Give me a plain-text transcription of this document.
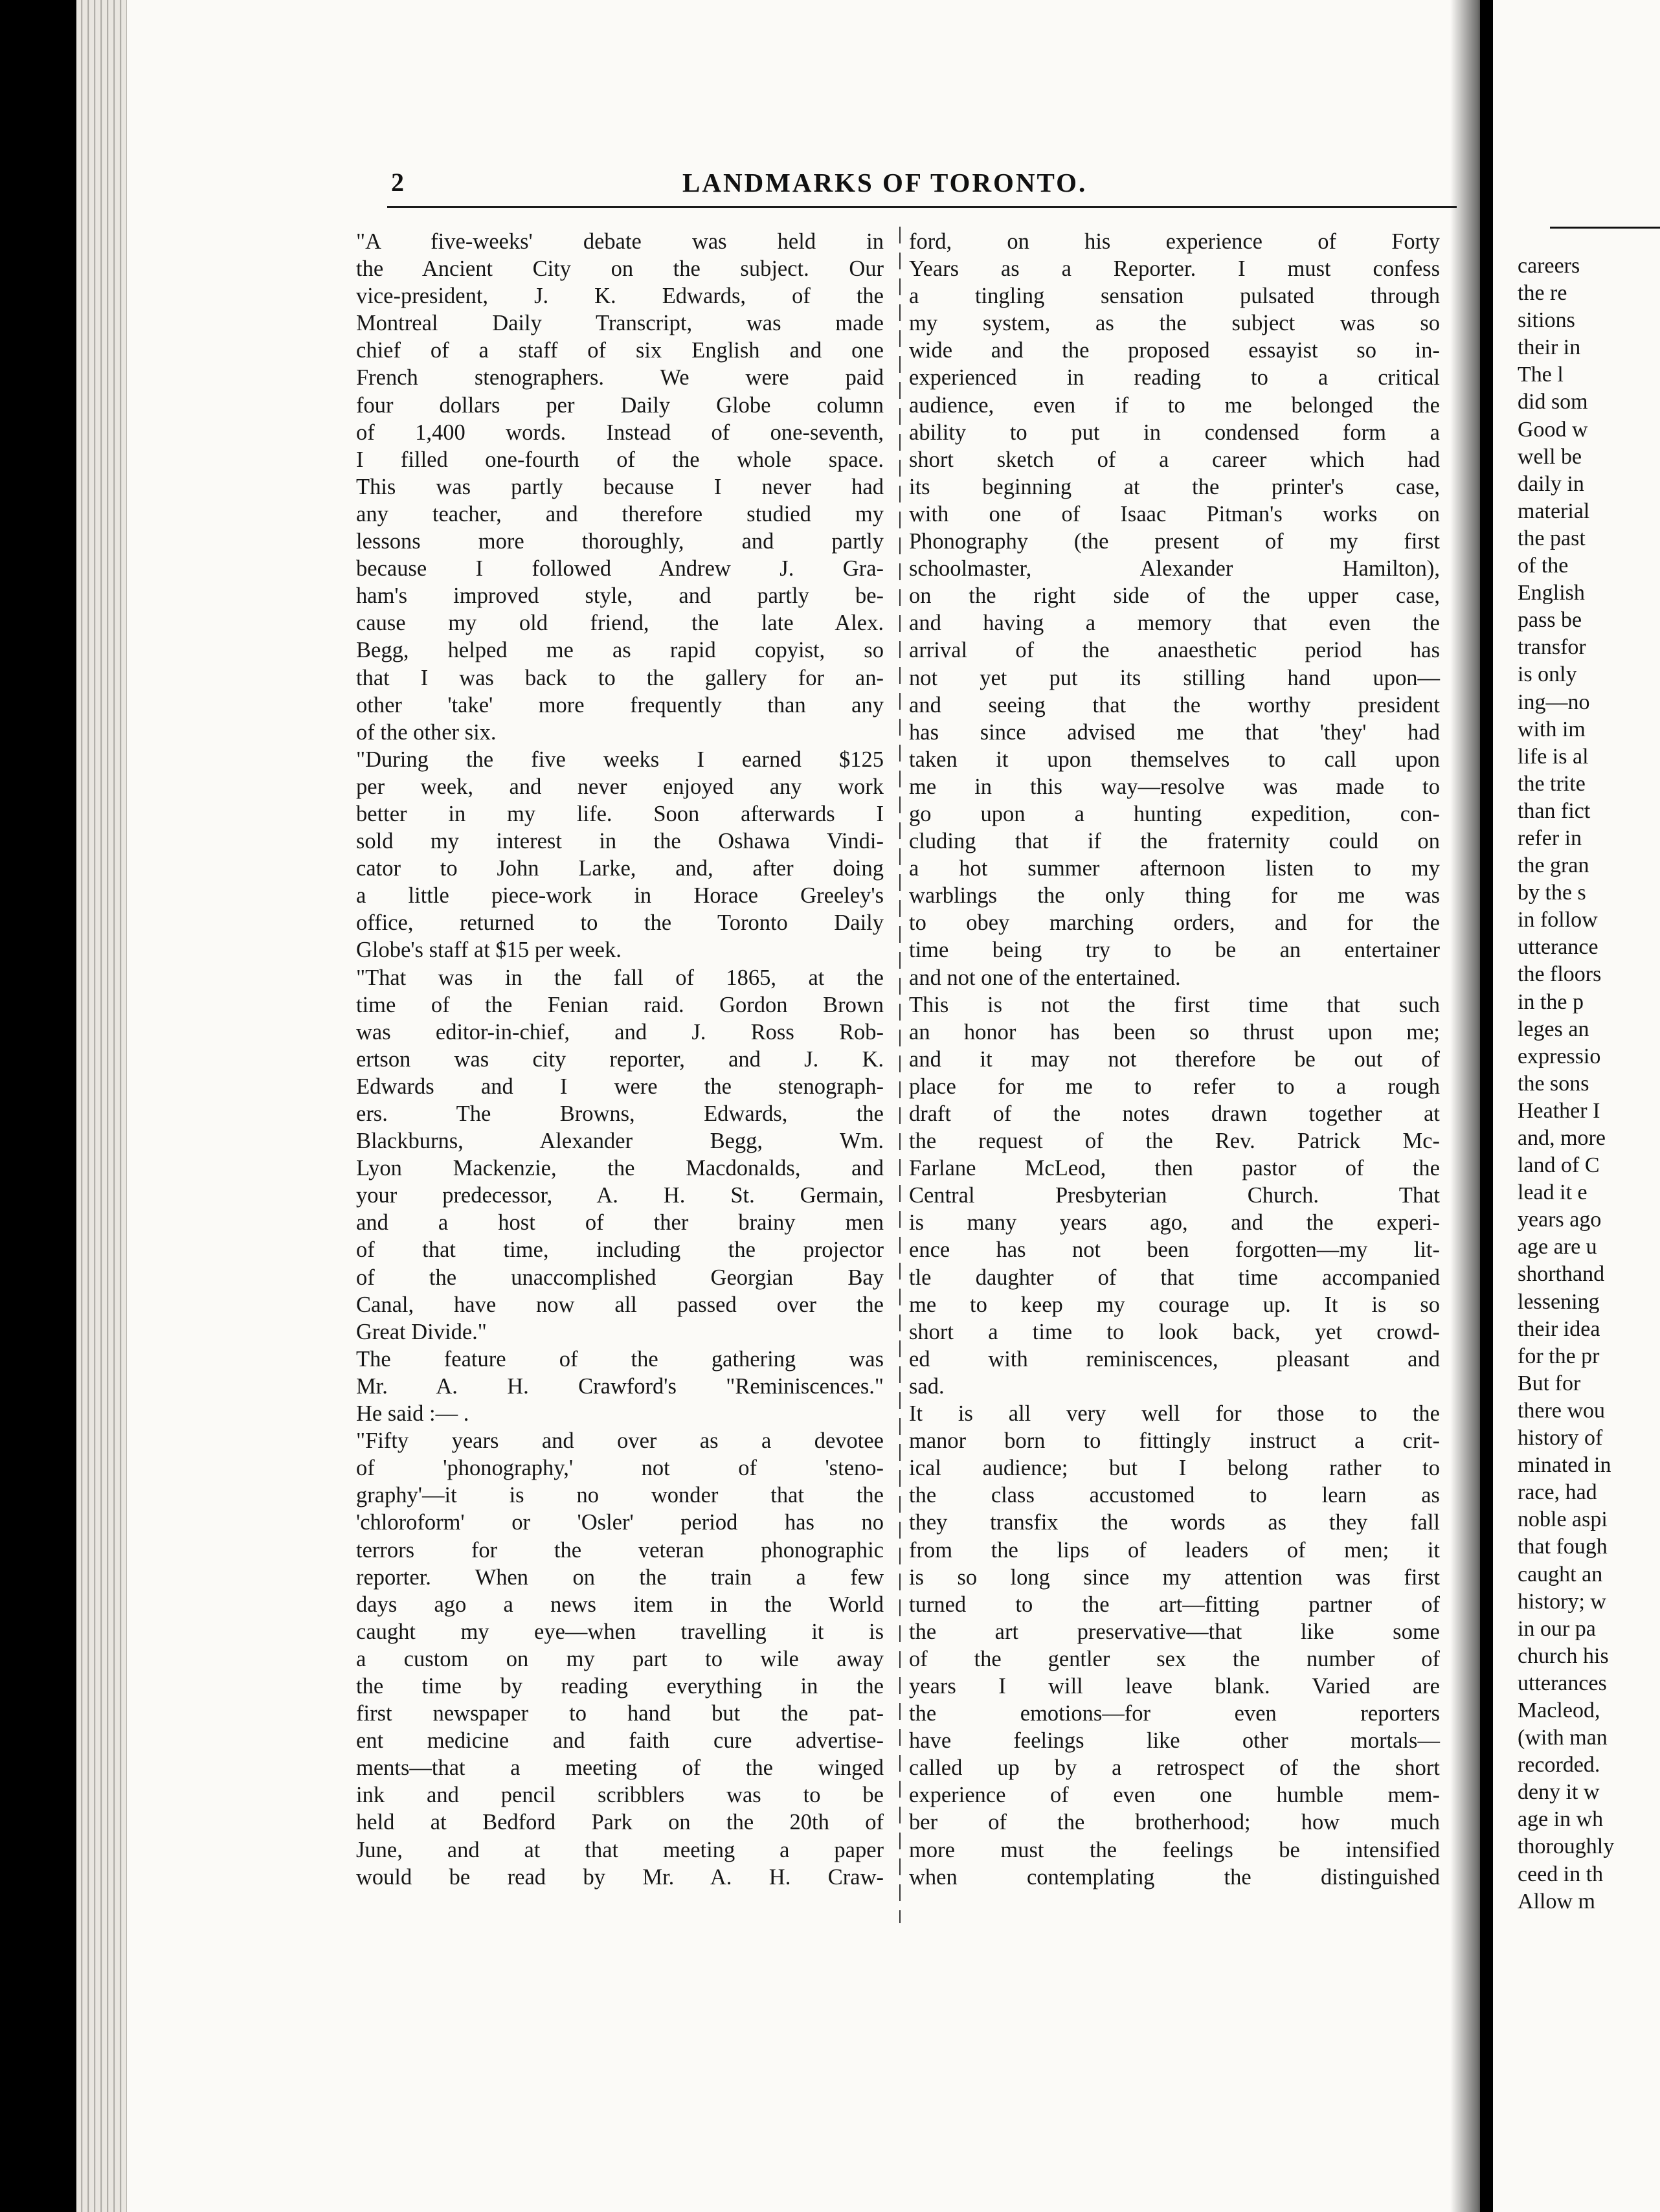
2	LANDMARKS OF TORONTO.
"A five-weeks' debate was held in
the Ancient City on the subject. Our
vice-president, J. K. Edwards, of the
Montreal Daily Transcript, was made
chief of a staff of six English and one
French stenographers. We were paid
four dollars per Daily Globe column
of 1,400 words. Instead of one-seventh,
I filled one-fourth of the whole space.
This was partly because I never had
any teacher, and therefore studied my
lessons more thoroughly, and partly
because I followed Andrew J. Gra-
ham's improved style, and partly be-
cause my old friend, the late Alex.
Begg, helped me as rapid copyist, so
that I was back to the gallery for an-
other 'take' more frequently than any
of the other six.
"During the five weeks I earned $125
per week, and never enjoyed any work
better in my life. Soon afterwards I
sold my interest in the Oshawa Vindi-
cator to John Larke, and, after doing
a little piece-work in Horace Greeley's
office, returned to the Toronto Daily
Globe's staff at $15 per week.
"That was in the fall of 1865, at the
time of the Fenian raid. Gordon Brown
was editor-in-chief, and J. Ross Rob-
ertson was city reporter, and J. K.
Edwards and I were the stenograph-
ers. The Browns, Edwards, the
Blackburns, Alexander Begg, Wm.
Lyon Mackenzie, the Macdonalds, and
your predecessor, A. H. St. Germain,
and a host of ther brainy men
of that time, including the projector
of the unaccomplished Georgian Bay
Canal, have now all passed over the
Great Divide."
The feature of the gathering was
Mr. A. H. Crawford's "Reminiscences."
He said :— .
"Fifty years and over as a devotee
of 'phonography,' not of 'steno-
graphy'—it is no wonder that the
'chloroform' or 'Osler' period has no
terrors for the veteran phonographic
reporter. When on the train a few
days ago a news item in the World
caught my eye—when travelling it is
a custom on my part to wile away
the time by reading everything in the
first newspaper to hand but the pat-
ent medicine and faith cure advertise-
ments—that a meeting of the winged
ink and pencil scribblers was to be
held at Bedford Park on the 20th of
June, and at that meeting a paper
would be read by Mr. A. H. Craw-
ford, on his experience of Forty
Years as a Reporter. I must confess
a tingling sensation pulsated through
my system, as the subject was so
wide and the proposed essayist so in-
experienced in reading to a critical
audience, even if to me belonged the
ability to put in condensed form a
short sketch of a career which had
its beginning at the printer's case,
with one of Isaac Pitman's works on
Phonography (the present of my first
schoolmaster, Alexander Hamilton),
on the right side of the upper case,
and having a memory that even the
arrival of the anaesthetic period has
not yet put its stilling hand upon—
and seeing that the worthy president
has since advised me that 'they' had
taken it upon themselves to call upon
me in this way—resolve was made to
go upon a hunting expedition, con-
cluding that if the fraternity could on
a hot summer afternoon listen to my
warblings the only thing for me was
to obey marching orders, and for the
time being try to be an entertainer
and not one of the entertained.
This is not the first time that such
an honor has been so thrust upon me;
and it may not therefore be out of
place for me to refer to a rough
draft of the notes drawn together at
the request of the Rev. Patrick Mc-
Farlane McLeod, then pastor of the
Central Presbyterian Church. That
is many years ago, and the experi-
ence has not been forgotten—my lit-
tle daughter of that time accompanied
me to keep my courage up. It is so
short a time to look back, yet crowd-
ed with reminiscences, pleasant and
sad.
It is all very well for those to the
manor born to fittingly instruct a crit-
ical audience; but I belong rather to
the class accustomed to learn as
they transfix the words as they fall
from the lips of leaders of men; it
is so long since my attention was first
turned to the art—fitting partner of
the art preservative—that like some
of the gentler sex the number of
years I will leave blank. Varied are
the emotions—for even reporters
have feelings like other mortals—
called up by a retrospect of the short
experience of even one humble mem-
ber of the brotherhood; how much
more must the feelings be intensified
when contemplating the distinguished
careers
the re
sitions
their in
The l
did som
Good w
well be
daily in
material
the past
of the
English
pass be
transfor
is only
ing—no
with im
life is al
the trite
than fict
refer in
the gran
by the s
in follow
utterance
the floors
in the p
leges an
expressio
the sons
Heather I
and, more
land of C
lead it e
years ago
age are u
shorthand
lessening
their idea
for the pr
But for
there wou
history of
minated in
race, had
noble aspi
that fough
caught an
history; w
in our pa
church his
utterances
Macleod,
(with man
recorded.
deny it w
age in wh
thoroughly
ceed in th
Allow m
